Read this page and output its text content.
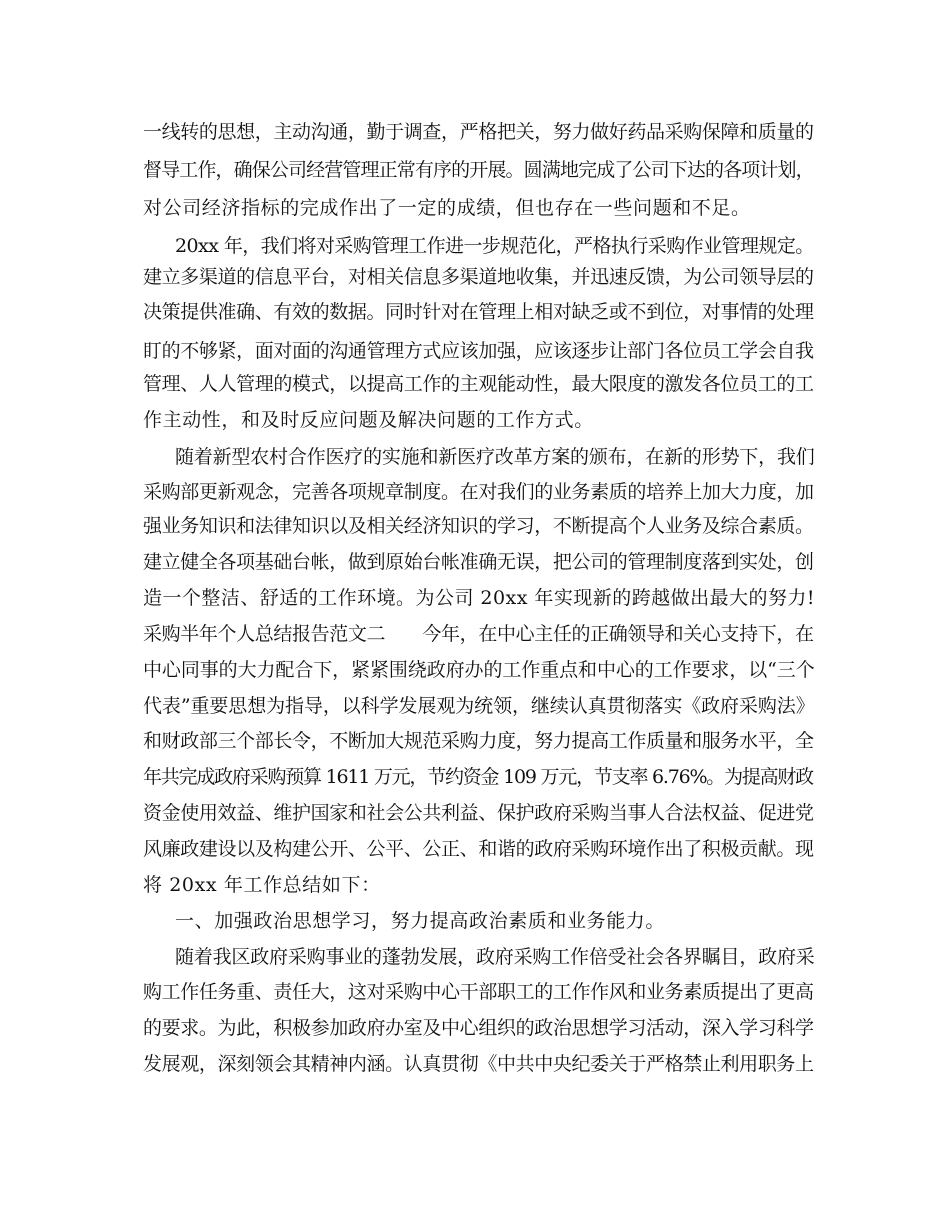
一线转的思想，主动沟通，勤于调查，严格把关，努力做好药品采购保障和质量的
督导工作，确保公司经营管理正常有序的开展。圆满地完成了公司下达的各项计划，
对公司经济指标的完成作出了一定的成绩，但也存在一些问题和不足。
20xx 年，我们将对采购管理工作进一步规范化，严格执行采购作业管理规定。
建立多渠道的信息平台，对相关信息多渠道地收集，并迅速反馈，为公司领导层的
决策提供准确、有效的数据。同时针对在管理上相对缺乏或不到位，对事情的处理
盯的不够紧，面对面的沟通管理方式应该加强，应该逐步让部门各位员工学会自我
管理、人人管理的模式，以提高工作的主观能动性，最大限度的激发各位员工的工
作主动性，和及时反应问题及解决问题的工作方式。
随着新型农村合作医疗的实施和新医疗改革方案的颁布，在新的形势下，我们
采购部更新观念，完善各项规章制度。在对我们的业务素质的培养上加大力度，加
强业务知识和法律知识以及相关经济知识的学习，不断提高个人业务及综合素质。
建立健全各项基础台帐，做到原始台帐准确无误，把公司的管理制度落到实处，创
造一个整洁、舒适的工作环境。为公司 20xx 年实现新的跨越做出最大的努力!
采购半年个人总结报告范文二　　今年，在中心主任的正确领导和关心支持下，在
中心同事的大力配合下，紧紧围绕政府办的工作重点和中心的工作要求，以“三个
代表”重要思想为指导，以科学发展观为统领，继续认真贯彻落实《政府采购法》
和财政部三个部长令，不断加大规范采购力度，努力提高工作质量和服务水平，全
年共完成政府采购预算 1611 万元，节约资金 109 万元，节支率 6.76%。为提高财政
资金使用效益、维护国家和社会公共利益、保护政府采购当事人合法权益、促进党
风廉政建设以及构建公开、公平、公正、和谐的政府采购环境作出了积极贡献。现
将 20xx 年工作总结如下：
一、加强政治思想学习，努力提高政治素质和业务能力。
随着我区政府采购事业的蓬勃发展，政府采购工作倍受社会各界瞩目，政府采
购工作任务重、责任大，这对采购中心干部职工的工作作风和业务素质提出了更高
的要求。为此，积极参加政府办室及中心组织的政治思想学习活动，深入学习科学
发展观，深刻领会其精神内涵。认真贯彻《中共中央纪委关于严格禁止利用职务上
